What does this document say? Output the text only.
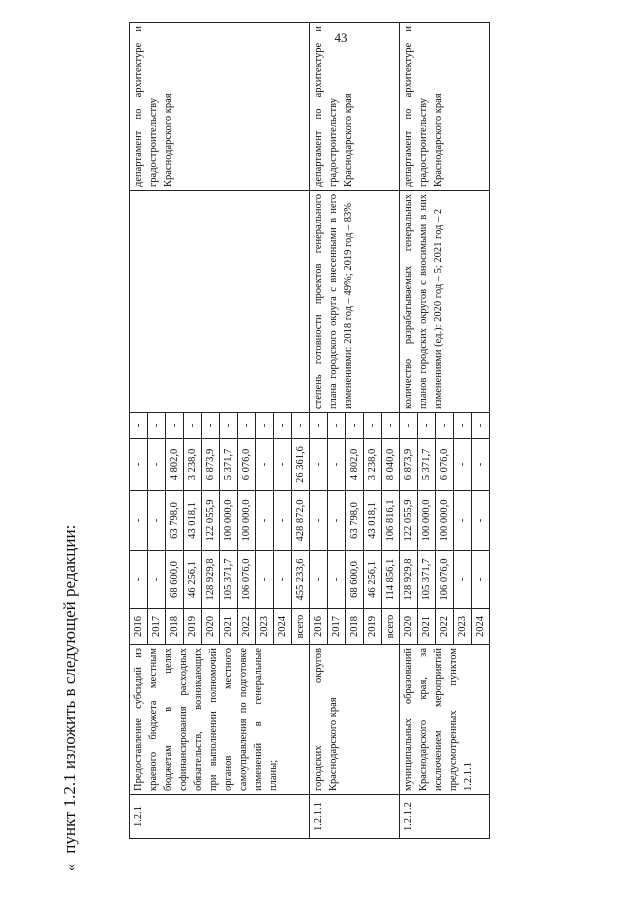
43
« пункт 1.2.1 изложить в следующей редакции:	1.2.1	Предоставление субсидий из краевого бюджета местным бюджетам в целях софинансирования расходных обязательств, возникающих при выполнении полномочий органов местного самоуправления по подготовке изменений в генеральные планы;	2016	-	-	-	-		департамент по архитектуре и градостроительству Краснодарского края
		2017	-	-	-	-		
		2018	68 600,0	63 798,0	4 802,0	-		
		2019	46 256,1	43 018,1	3 238,0	-		
		2020	128 929,8	122 055,9	6 873,9	-		
		2021	105 371,7	100 000,0	5 371,7	-		
		2022	106 076,0	100 000,0	6 076,0	-		
		2023	-	-	-	-		
		2024	-	-	-	-		
		всего	455 233,6	428 872,0	26 361,6	-		
1.2.1.1	городских округов Краснодарского края	2016	-	-	-	-	степень готовности проектов генерального плана городского округа с внесенными в него изменениями: 2018 год – 49%; 2019 год – 83%	департамент по архитектуре и градостроительству Краснодарского края
		2017	-	-	-	-		
		2018	68 600,0	63 798,0	4 802,0	-		
		2019	46 256,1	43 018,1	3 238,0	-		
		всего	114 856,1	106 816,1	8 040,0	-		
1.2.1.2	муниципальных образований Краснодарского края, за исключением мероприятий предусмотренных пунктом 1.2.1.1	2020	128 929,8	122 055,9	6 873,9	-	количество разрабатываемых генеральных планов городских округов с вносимыми в них изменениями (ед.): 2020 год – 5; 2021 год – 2	департамент по архитектуре и градостроительству Краснодарского края
		2021	105 371,7	100 000,0	5 371,7	-		
		2022	106 076,0	100 000,0	6 076,0	-		
		2023	-	-	-	-		
		2024	-	-	-	-		
